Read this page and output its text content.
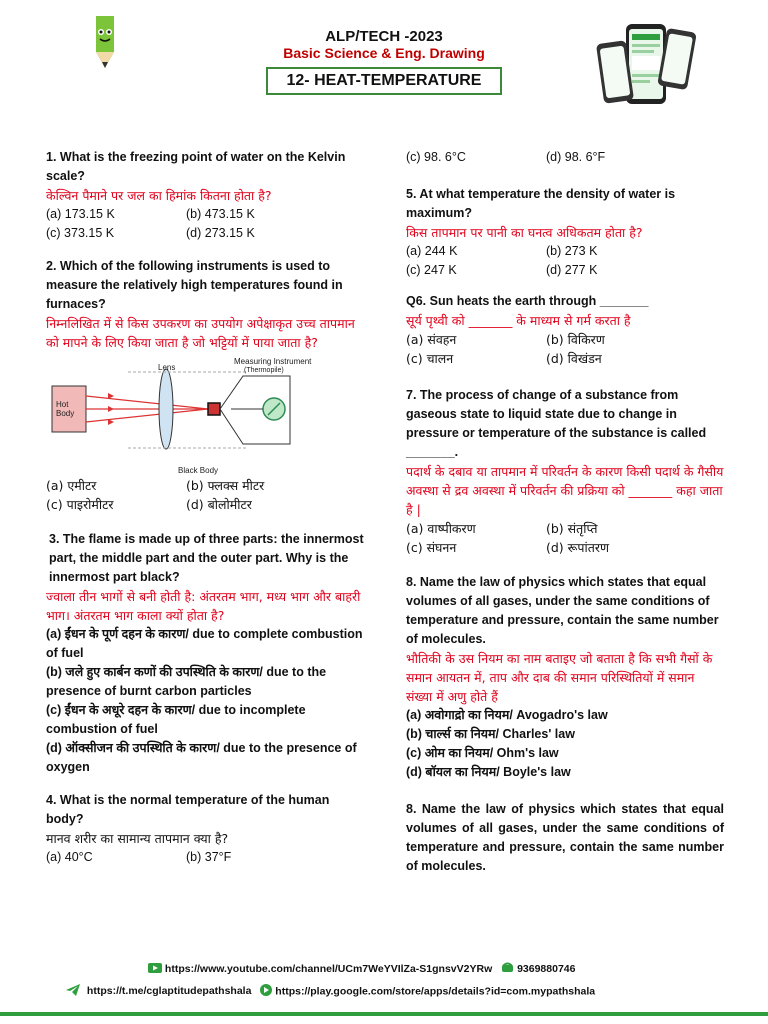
ALP/TECH -2023
Basic Science & Eng. Drawing
12- HEAT-TEMPERATURE
1. What is the freezing point of water on the Kelvin scale?
केल्विन पैमाने पर जल का हिमांक कितना होता है?
(a) 173.15 K	(b) 473.15 K
(c) 373.15 K	(d) 273.15 K
2. Which of the following instruments is used to measure the relatively high temperatures found in furnaces?
निम्नलिखित में से किस उपकरण का उपयोग अपेक्षाकृत उच्च तापमान को मापने के लिए किया जाता है जो भट्टियों में पाया जाता है?
Hot Body
Lens
Measuring Instrument
(Thermopile)
Black Body
(a) एमीटर	(b) फ्लक्स मीटर
(c) पाइरोमीटर	(d) बोलोमीटर
3. The flame is made up of three parts: the innermost part, the middle part and the outer part. Why is the innermost part black?
ज्वाला तीन भागों से बनी होती है: अंतरतम भाग, मध्य भाग और बाहरी भाग। अंतरतम भाग काला क्यों होता है?
(a) ईंधन के पूर्ण दहन के कारण/ due to complete combustion of fuel
(b) जले हुए कार्बन कणों की उपस्थिति के कारण/ due to the presence of burnt carbon particles
(c) ईंधन के अधूरे दहन के कारण/ due to incomplete combustion of fuel
(d) ऑक्सीजन की उपस्थिति के कारण/ due to the presence of oxygen
4. What is the normal temperature of the human body?
मानव शरीर का सामान्य तापमान क्या है?
(a) 40°C	(b) 37°F
(c) 98. 6°C	(d) 98. 6°F
5. At what temperature the density of water is maximum?
किस तापमान पर पानी का घनत्व अधिकतम होता है?
(a) 244 K	(b) 273 K
(c) 247 K	(d) 277 K
Q6. Sun heats the earth through _______
सूर्य पृथ्वी को _______ के माध्यम से गर्म करता है
(a) संवहन	(b) विकिरण
(c) चालन	(d) विखंडन
7. The process of change of a substance from gaseous state to liquid state due to change in pressure or temperature of the substance is called _______.
पदार्थ के दबाव या तापमान में परिवर्तन के कारण किसी पदार्थ के गैसीय अवस्था से द्रव अवस्था में परिवर्तन की प्रक्रिया को _______ कहा जाता है |
(a) वाष्पीकरण	(b) संतृप्ति
(c) संघनन	(d) रूपांतरण
8. Name the law of physics which states that equal volumes of all gases, under the same conditions of temperature and pressure, contain the same number of molecules.
भौतिकी के उस नियम का नाम बताइए जो बताता है कि सभी गैसों के समान आयतन में, ताप और दाब की समान परिस्थितियों में समान संख्या में अणु होते हैं
(a) अवोगाद्रो का नियम/ Avogadro's law
(b) चार्ल्स का नियम/ Charles' law
(c) ओम का नियम/ Ohm's law
(d) बॉयल का नियम/ Boyle's law
8. Name the law of physics which states that equal volumes of all gases, under the same conditions of temperature and pressure, contain the same number of molecules.
https://www.youtube.com/channel/UCm7WeYVIlZa-S1gnsvV2YRw 9369880746
https://t.me/cglaptitudepathshala https://play.google.com/store/apps/details?id=com.mypathshala
